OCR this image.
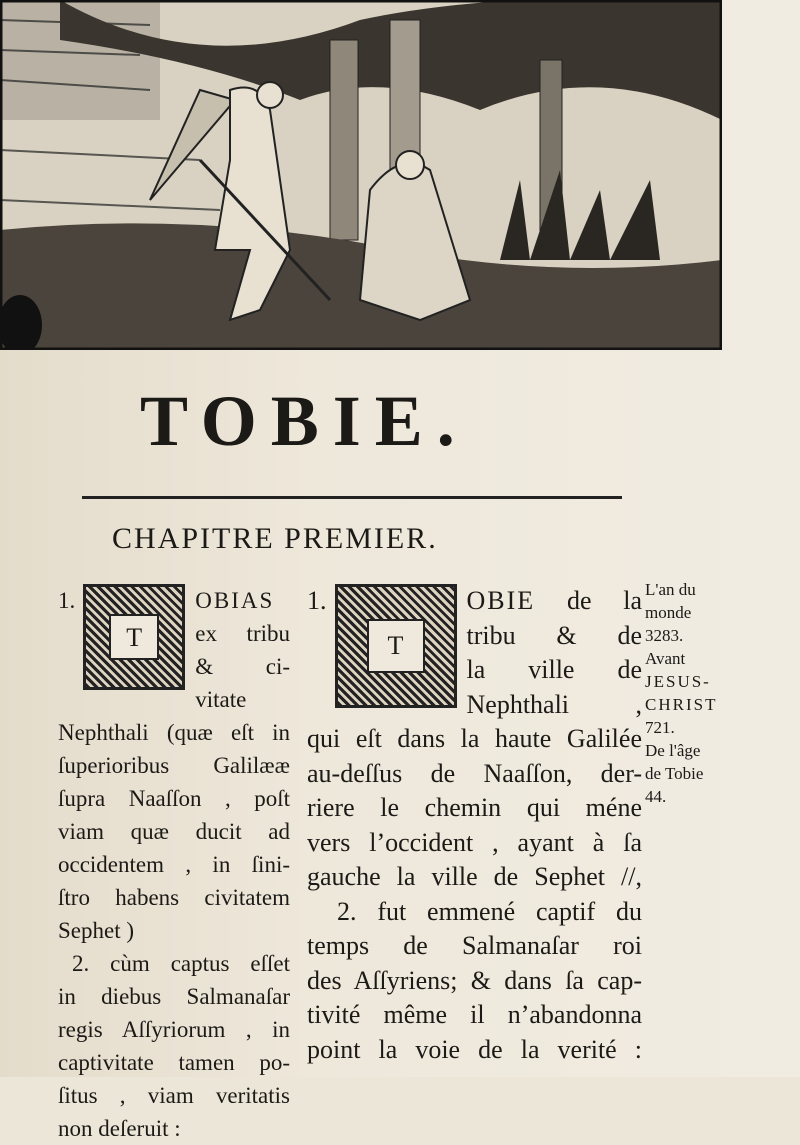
TOBIE.
CHAPITRE PREMIER.
1.
T
OBIAS
ex tribu
& ci-
vitate
Nephthali (quæ eſt in
ſuperioribus Galilææ
ſupra Naaſſon , poſt
viam quæ ducit ad
occidentem , in ſini-
ſtro habens civitatem
Sephet )
2. cùm captus eſſet
in diebus Salmanaſar
regis Aſſyriorum , in
captivitate tamen po-
ſitus , viam veritatis
non deſeruit :
1.
T
OBIE de la
tribu & de
la ville de
Nephthali ,
qui eſt dans la haute Galilée
au-deſſus de Naaſſon, der-
riere le chemin qui méne
vers l’occident , ayant à ſa
gauche la ville de Sephet //,
2. fut emmené captif du
temps de Salmanaſar roi
des Aſſyriens; & dans ſa cap-
tivité même il n’abandonna
point la voie de la verité :
L'an du
monde
3283.
Avant
JESUS-
CHRIST
721.
De l'âge
de Tobie
44.
